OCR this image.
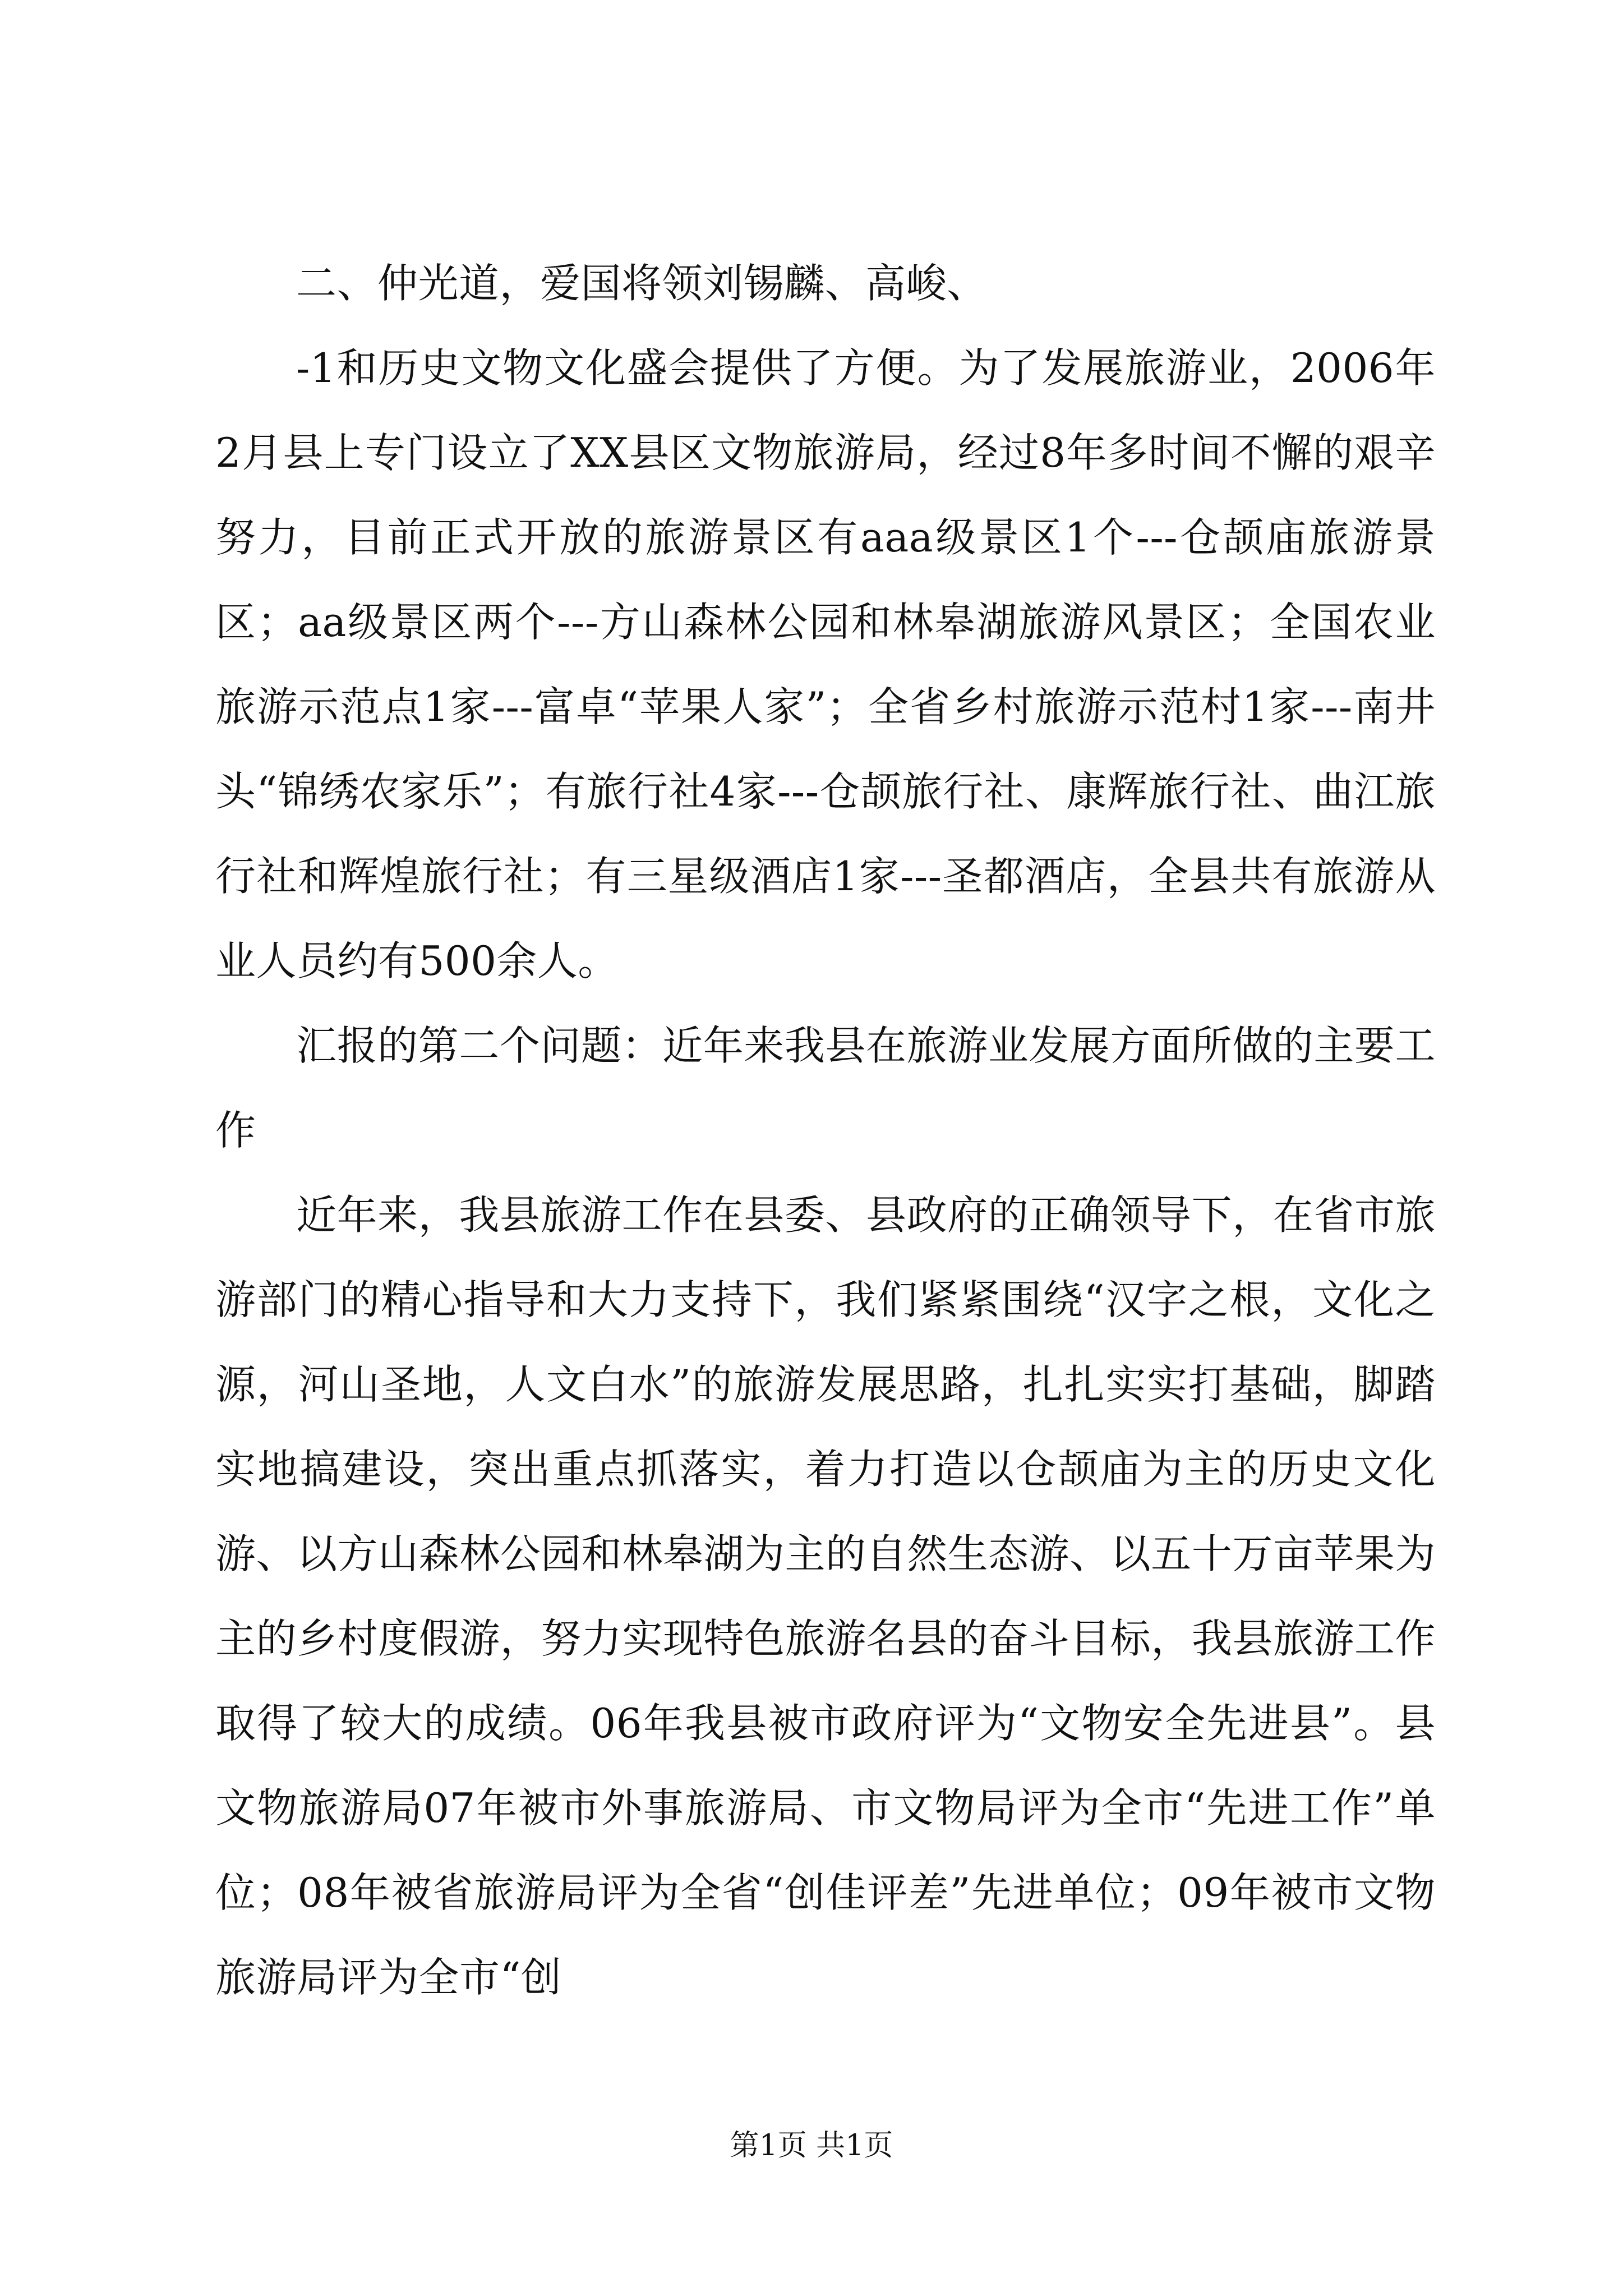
二、仲光道，爱国将领刘锡麟、高峻、

-1和历史文物文化盛会提供了方便。为了发展旅游业，2006年2月县上专门设立了XX县区文物旅游局，经过8年多时间不懈的艰辛努力，目前正式开放的旅游景区有aaa级景区1个---仓颉庙旅游景区；aa级景区两个---方山森林公园和林皋湖旅游风景区；全国农业旅游示范点1家---富卓“苹果人家”；全省乡村旅游示范村1家---南井头“锦绣农家乐”；有旅行社4家---仓颉旅行社、康辉旅行社、曲江旅行社和辉煌旅行社；有三星级酒店1家---圣都酒店，全县共有旅游从业人员约有500余人。

汇报的第二个问题：近年来我县在旅游业发展方面所做的主要工作

近年来，我县旅游工作在县委、县政府的正确领导下，在省市旅游部门的精心指导和大力支持下，我们紧紧围绕“汉字之根，文化之源，河山圣地，人文白水”的旅游发展思路，扎扎实实打基础，脚踏实地搞建设，突出重点抓落实，着力打造以仓颉庙为主的历史文化游、以方山森林公园和林皋湖为主的自然生态游、以五十万亩苹果为主的乡村度假游，努力实现特色旅游名县的奋斗目标，我县旅游工作取得了较大的成绩。06年我县被市政府评为“文物安全先进县”。县文物旅游局07年被市外事旅游局、市文物局评为全市“先进工作”单位；08年被省旅游局评为全省“创佳评差”先进单位；09年被市文物旅游局评为全市“创

第1页 共1页
